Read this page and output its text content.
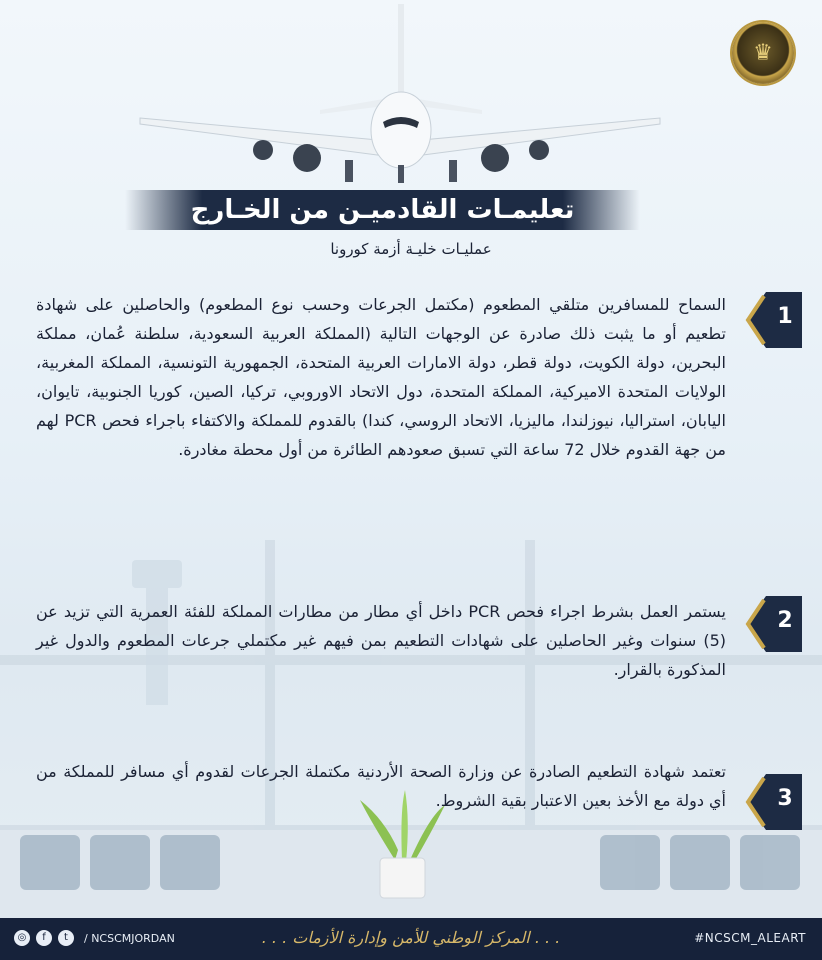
♛
تعليمـات القادميـن من الخـارج
عمليـات خليـة أزمة كورونا
1
السماح للمسافرين متلقي المطعوم (مكتمل الجرعات وحسب نوع المطعوم) والحاصلين على شهادة تطعيم أو ما يثبت ذلك صادرة عن الوجهات التالية (المملكة العربية السعودية، سلطنة عُمان، مملكة البحرين، دولة الكويت، دولة قطر، دولة الامارات العربية المتحدة، الجمهورية التونسية، المملكة المغربية، الولايات المتحدة الاميركية، المملكة المتحدة، دول الاتحاد الاوروبي، تركيا، الصين، كوريا الجنوبية، تايوان، اليابان، استراليا، نيوزلندا، ماليزيا، الاتحاد الروسي، كندا) بالقدوم للمملكة والاكتفاء باجراء فحص PCR لهم من جهة القدوم خلال 72 ساعة التي تسبق صعودهم الطائرة من أول محطة مغادرة.
2
يستمر العمل بشرط اجراء فحص PCR داخل أي مطار من مطارات المملكة للفئة العمرية التي تزيد عن (5) سنوات وغير الحاصلين على شهادات التطعيم بمن فيهم غير مكتملي جرعات المطعوم والدول غير المذكورة بالقرار.
3
تعتمد شهادة التطعيم الصادرة عن وزارة الصحة الأردنية مكتملة الجرعات لقدوم أي مسافر للمملكة من أي دولة مع الأخذ بعين الاعتبار بقية الشروط.
◎	f	t	/ NCSCMJORDAN	. . . المركز الوطني للأمن وإدارة الأزمات . . .	#NCSCM_ALEART
